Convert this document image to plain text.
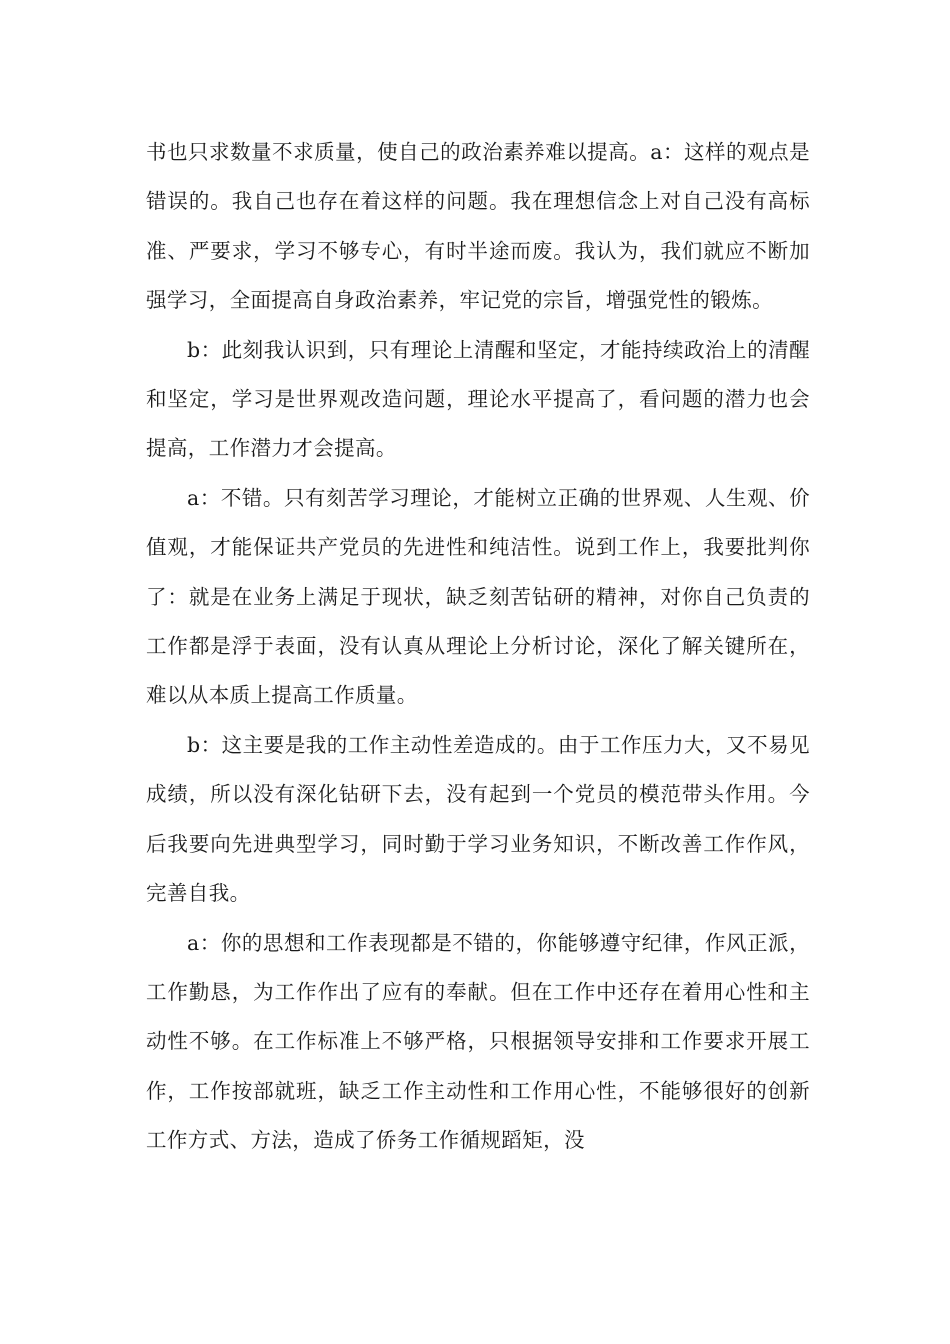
书也只求数量不求质量，使自己的政治素养难以提高。a：这样的观点是错误的。我自己也存在着这样的问题。我在理想信念上对自己没有高标准、严要求，学习不够专心，有时半途而废。我认为，我们就应不断加强学习，全面提高自身政治素养，牢记党的宗旨，增强党性的锻炼。

b：此刻我认识到，只有理论上清醒和坚定，才能持续政治上的清醒和坚定，学习是世界观改造问题，理论水平提高了，看问题的潜力也会提高，工作潜力才会提高。

a：不错。只有刻苦学习理论，才能树立正确的世界观、人生观、价值观，才能保证共产党员的先进性和纯洁性。说到工作上，我要批判你了：就是在业务上满足于现状，缺乏刻苦钻研的精神，对你自己负责的工作都是浮于表面，没有认真从理论上分析讨论，深化了解关键所在，难以从本质上提高工作质量。

b：这主要是我的工作主动性差造成的。由于工作压力大，又不易见成绩，所以没有深化钻研下去，没有起到一个党员的模范带头作用。今后我要向先进典型学习，同时勤于学习业务知识，不断改善工作作风，完善自我。

a：你的思想和工作表现都是不错的，你能够遵守纪律，作风正派，工作勤恳，为工作作出了应有的奉献。但在工作中还存在着用心性和主动性不够。在工作标准上不够严格，只根据领导安排和工作要求开展工作，工作按部就班，缺乏工作主动性和工作用心性，不能够很好的创新工作方式、方法，造成了侨务工作循规蹈矩，没
